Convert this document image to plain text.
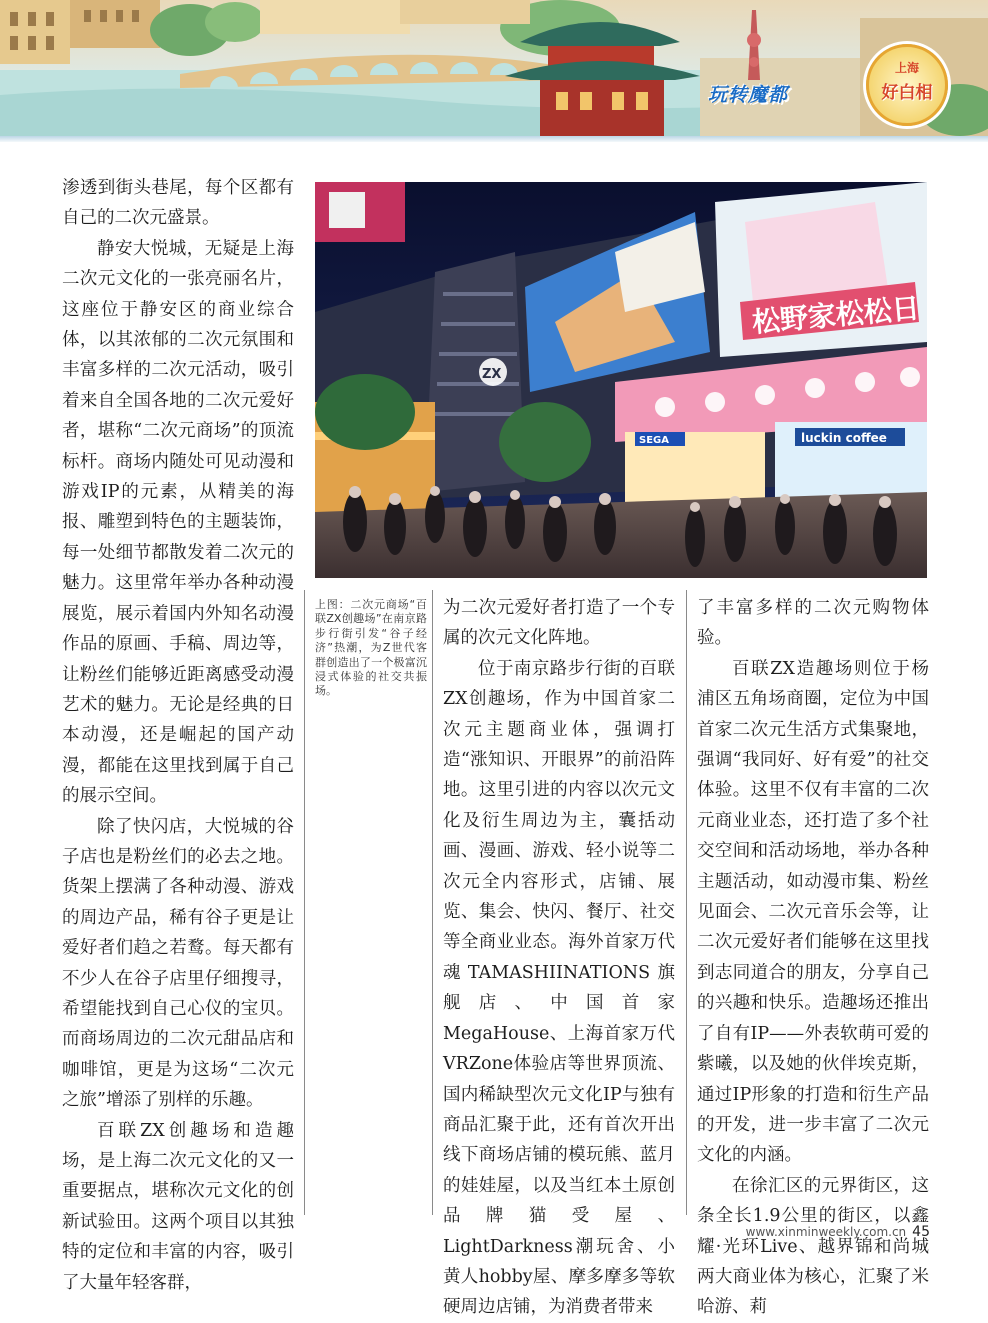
玩转魔都
上海
好白相

渗透到街头巷尾，每个区都有自己的二次元盛景。

静安大悦城，无疑是上海二次元文化的一张亮丽名片，这座位于静安区的商业综合体，以其浓郁的二次元氛围和丰富多样的二次元活动，吸引着来自全国各地的二次元爱好者，堪称“二次元商场”的顶流标杆。商场内随处可见动漫和游戏IP的元素，从精美的海报、雕塑到特色的主题装饰，每一处细节都散发着二次元的魅力。这里常年举办各种动漫展览，展示着国内外知名动漫作品的原画、手稿、周边等，让粉丝们能够近距离感受动漫艺术的魅力。无论是经典的日本动漫，还是崛起的国产动漫，都能在这里找到属于自己的展示空间。

除了快闪店，大悦城的谷子店也是粉丝们的必去之地。货架上摆满了各种动漫、游戏的周边产品，稀有谷子更是让爱好者们趋之若鹜。每天都有不少人在谷子店里仔细搜寻，希望能找到自己心仪的宝贝。而商场周边的二次元甜品店和咖啡馆，更是为这场“二次元之旅”增添了别样的乐趣。

百联ZX创趣场和造趣场，是上海二次元文化的又一重要据点，堪称次元文化的创新试验田。这两个项目以其独特的定位和丰富的内容，吸引了大量年轻客群，

松野家松松日
ZX
SEGA	luckin coffee
上图：二次元商场“百联ZX创趣场”在南京路步行街引发“谷子经济”热潮，为Z世代客群创造出了一个极富沉浸式体验的社交共振场。

为二次元爱好者打造了一个专属的次元文化阵地。

位于南京路步行街的百联ZX创趣场，作为中国首家二次元主题商业体，强调打造“涨知识、开眼界”的前沿阵地。这里引进的内容以次元文化及衍生周边为主，囊括动画、漫画、游戏、轻小说等二次元全内容形式，店铺、展览、集会、快闪、餐厅、社交等全商业业态。海外首家万代魂TAMASHIINATIONS旗舰店、中国首家MegaHouse、上海首家万代VRZone体验店等世界顶流、国内稀缺型次元文化IP与独有商品汇聚于此，还有首次开出线下商场店铺的模玩熊、蓝月的娃娃屋，以及当红本土原创品牌猫受屋、LightDarkness潮玩舍、小黄人hobby屋、摩多摩多等软硬周边店铺，为消费者带来

了丰富多样的二次元购物体验。

百联ZX造趣场则位于杨浦区五角场商圈，定位为中国首家二次元生活方式集聚地，强调“我同好、好有爱”的社交体验。这里不仅有丰富的二次元商业业态，还打造了多个社交空间和活动场地，举办各种主题活动，如动漫市集、粉丝见面会、二次元音乐会等，让二次元爱好者们能够在这里找到志同道合的朋友，分享自己的兴趣和快乐。造趣场还推出了自有IP——外表软萌可爱的紫曦，以及她的伙伴埃克斯，通过IP形象的打造和衍生产品的开发，进一步丰富了二次元文化的内涵。

在徐汇区的元界街区，这条全长1.9公里的街区，以鑫耀·光环Live、越界锦和尚城两大商业体为核心，汇聚了米哈游、莉

www.xinminweekly.com.cn 45
